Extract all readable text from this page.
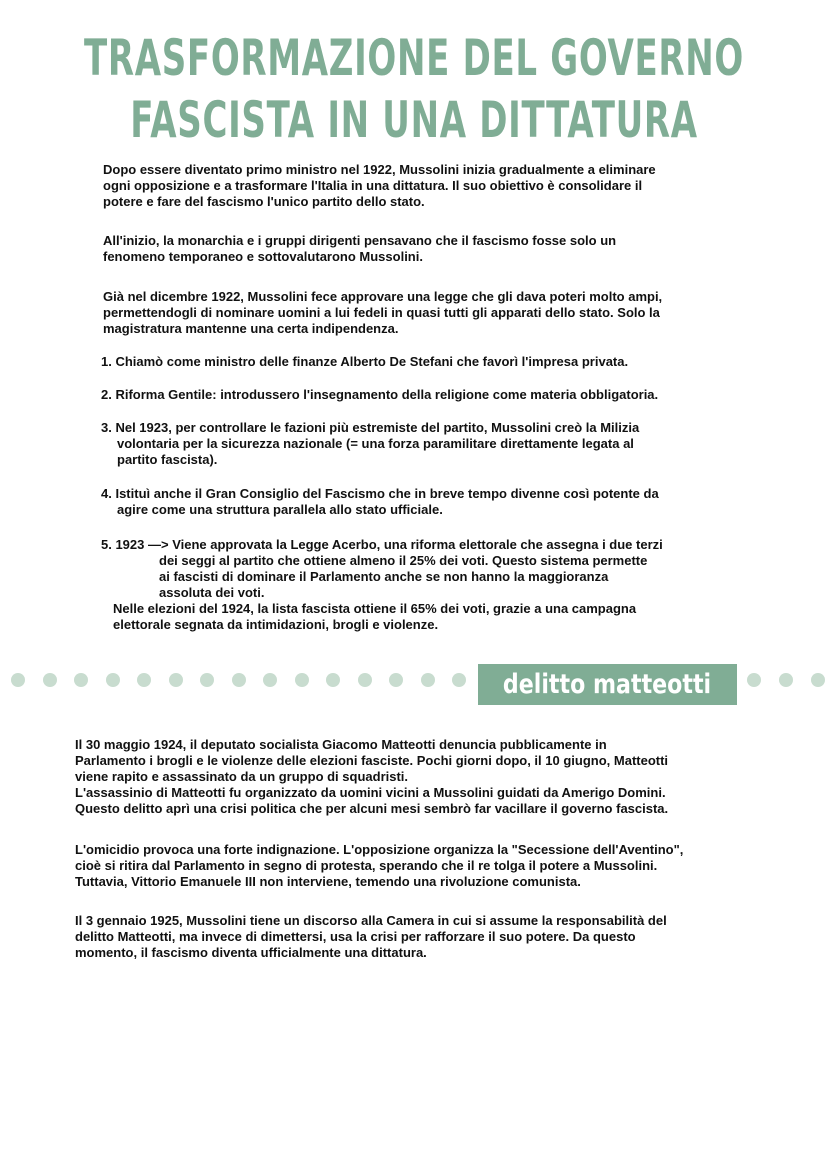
TRASFORMAZIONE DEL GOVERNO
FASCISTA IN UNA DITTATURA
Dopo essere diventato primo ministro nel 1922, Mussolini inizia gradualmente a eliminare
ogni opposizione e a trasformare l'Italia in una dittatura. Il suo obiettivo è consolidare il
potere e fare del fascismo l'unico partito dello stato.
All'inizio, la monarchia e i gruppi dirigenti pensavano che il fascismo fosse solo un
fenomeno temporaneo e sottovalutarono Mussolini.
Già nel dicembre 1922, Mussolini fece approvare una legge che gli dava poteri molto ampi,
permettendogli di nominare uomini a lui fedeli in quasi tutti gli apparati dello stato. Solo la
magistratura mantenne una certa indipendenza.
1. Chiamò come ministro delle finanze Alberto De Stefani che favorì l'impresa privata.
2. Riforma Gentile: introdussero l'insegnamento della religione come materia obbligatoria.
3. Nel 1923, per controllare le fazioni più estremiste del partito, Mussolini creò la Milizia
volontaria per la sicurezza nazionale (= una forza paramilitare direttamente legata al
partito fascista).
4. Istituì anche il Gran Consiglio del Fascismo che in breve tempo divenne così potente da
agire come una struttura parallela allo stato ufficiale.
5. 1923 —> Viene approvata la Legge Acerbo, una riforma elettorale che assegna i due terzi
dei seggi al partito che ottiene almeno il 25% dei voti. Questo sistema permette
ai fascisti di dominare il Parlamento anche se non hanno la maggioranza
assoluta dei voti.
Nelle elezioni del 1924, la lista fascista ottiene il 65% dei voti, grazie a una campagna
elettorale segnata da intimidazioni, brogli e violenze.
Il 30 maggio 1924, il deputato socialista Giacomo Matteotti denuncia pubblicamente in
Parlamento i brogli e le violenze delle elezioni fasciste. Pochi giorni dopo, il 10 giugno, Matteotti
viene rapito e assassinato da un gruppo di squadristi.
L'assassinio di Matteotti fu organizzato da uomini vicini a Mussolini guidati da Amerigo Domini.
Questo delitto aprì una crisi politica che per alcuni mesi sembrò far vacillare il governo fascista.
L'omicidio provoca una forte indignazione. L'opposizione organizza la "Secessione dell'Aventino",
cioè si ritira dal Parlamento in segno di protesta, sperando che il re tolga il potere a Mussolini.
Tuttavia, Vittorio Emanuele III non interviene, temendo una rivoluzione comunista.
Il 3 gennaio 1925, Mussolini tiene un discorso alla Camera in cui si assume la responsabilità del
delitto Matteotti, ma invece di dimettersi, usa la crisi per rafforzare il suo potere. Da questo
momento, il fascismo diventa ufficialmente una dittatura.
delitto matteotti
